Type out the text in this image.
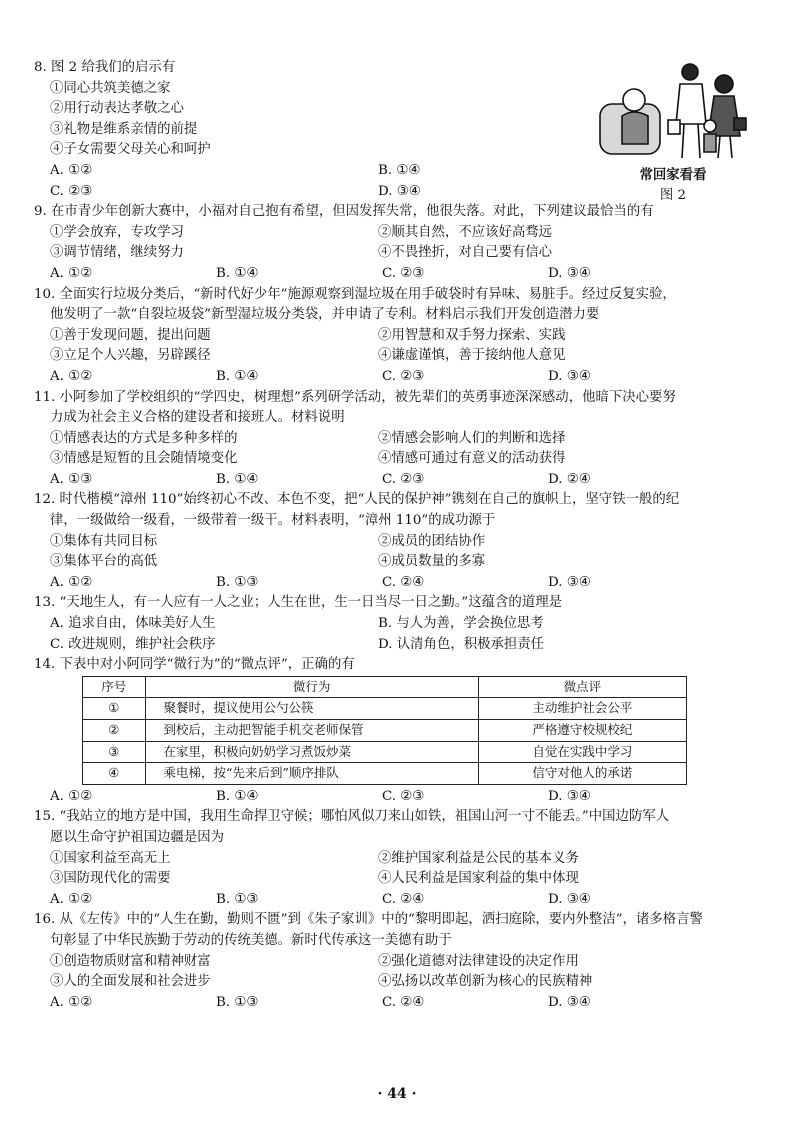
常回家看看
图 2
8. 图 2 给我们的启示有
①同心共筑美德之家
②用行动表达孝敬之心
③礼物是维系亲情的前提
④子女需要父母关心和呵护
A. ①②	B. ①④
C. ②③	D. ③④
9. 在市青少年创新大赛中，小福对自己抱有希望，但因发挥失常，他很失落。对此，下列建议最恰当的有
①学会放弃，专攻学习	②顺其自然，不应该好高骛远
③调节情绪，继续努力	④不畏挫折，对自己要有信心
A. ①②	B. ①④	C. ②③	D. ③④
10. 全面实行垃圾分类后，“新时代好少年”施源观察到湿垃圾在用手破袋时有异味、易脏手。经过反复实验，
他发明了一款“自裂垃圾袋”新型湿垃圾分类袋，并申请了专利。材料启示我们开发创造潜力要
①善于发现问题，提出问题	②用智慧和双手努力探索、实践
③立足个人兴趣，另辟蹊径	④谦虚谨慎，善于接纳他人意见
A. ①②	B. ①④	C. ②③	D. ③④
11. 小阿参加了学校组织的“学四史，树理想”系列研学活动，被先辈们的英勇事迹深深感动，他暗下决心要努
力成为社会主义合格的建设者和接班人。材料说明
①情感表达的方式是多种多样的	②情感会影响人们的判断和选择
③情感是短暂的且会随情境变化	④情感可通过有意义的活动获得
A. ①③	B. ①④	C. ②③	D. ②④
12. 时代楷模“漳州 110”始终初心不改、本色不变，把“人民的保护神”镌刻在自己的旗帜上，坚守铁一般的纪
律，一级做给一级看，一级带着一级干。材料表明，“漳州 110”的成功源于
①集体有共同目标	②成员的团结协作
③集体平台的高低	④成员数量的多寡
A. ①②	B. ①③	C. ②④	D. ③④
13. “天地生人，有一人应有一人之业；人生在世，生一日当尽一日之勤。”这蕴含的道理是
A. 追求自由，体味美好人生	B. 与人为善，学会换位思考
C. 改进规则，维护社会秩序	D. 认清角色，积极承担责任
14. 下表中对小阿同学“微行为”的“微点评”，正确的有
序号	微行为	微点评
①	聚餐时，提议使用公勺公筷	主动维护社会公平
②	到校后，主动把智能手机交老师保管	严格遵守校规校纪
③	在家里，积极向奶奶学习煮饭炒菜	自觉在实践中学习
④	乘电梯，按“先来后到”顺序排队	信守对他人的承诺
A. ①②	B. ①④	C. ②③	D. ③④
15. “我站立的地方是中国，我用生命捍卫守候；哪怕风似刀来山如铁，祖国山河一寸不能丢。”中国边防军人
愿以生命守护祖国边疆是因为
①国家利益至高无上	②维护国家利益是公民的基本义务
③国防现代化的需要	④人民利益是国家利益的集中体现
A. ①②	B. ①③	C. ②④	D. ③④
16. 从《左传》中的“人生在勤，勤则不匮”到《朱子家训》中的“黎明即起，洒扫庭除，要内外整洁”，诸多格言警
句彰显了中华民族勤于劳动的传统美德。新时代传承这一美德有助于
①创造物质财富和精神财富	②强化道德对法律建设的决定作用
③人的全面发展和社会进步	④弘扬以改革创新为核心的民族精神
A. ①②	B. ①③	C. ②④	D. ③④
· 44 ·
